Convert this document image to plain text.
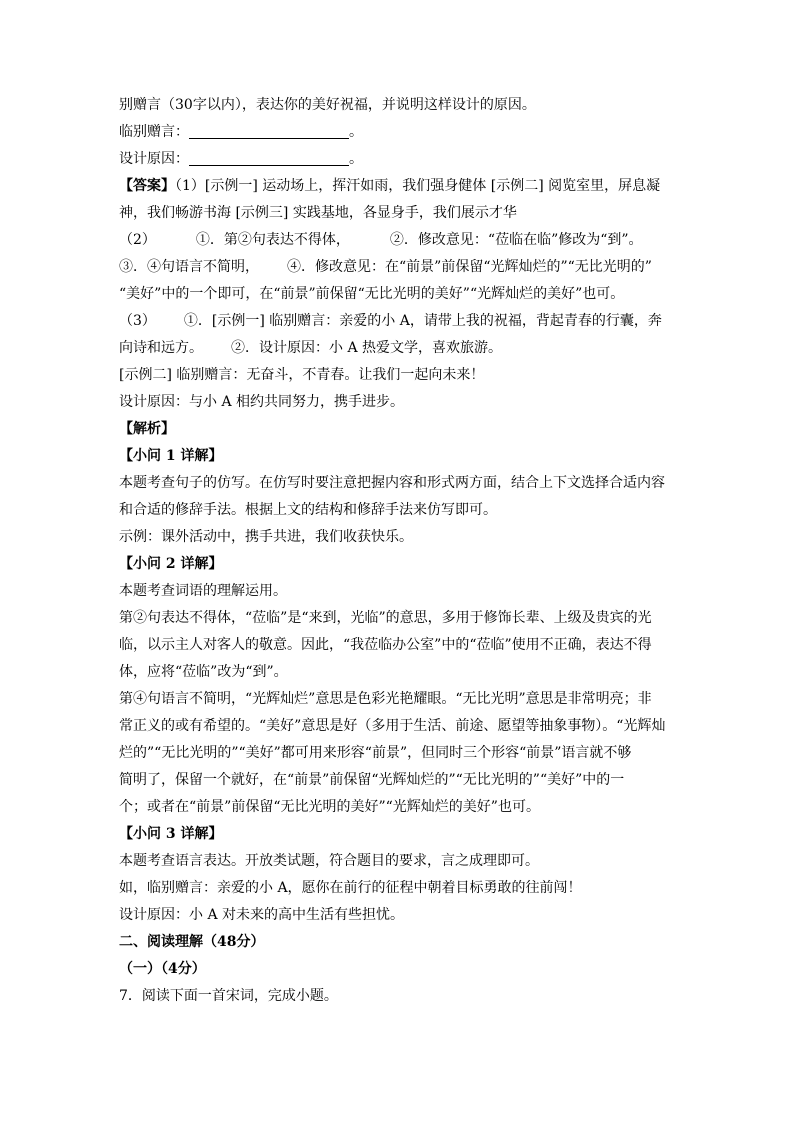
别赠言（30字以内），表达你的美好祝福，并说明这样设计的原因。
临别赠言：	。
设计原因：	。
【答案】（1）[示例一] 运动场上，挥汗如雨，我们强身健体 [示例二] 阅览室里，屏息凝
神，我们畅游书海 [示例三] 实践基地，各显身手，我们展示才华
（2）	①．第②句表达不得体，	②．修改意见：“莅临在临”修改为“到”。
③．④句语言不简明， ④．修改意见：在“前景”前保留“光辉灿烂的”“无比光明的”
“美好”中的一个即可，在“前景”前保留“无比光明的美好”“光辉灿烂的美好”也可。
（3） ①．[示例一] 临别赠言：亲爱的小 A，请带上我的祝福，背起青春的行囊，奔
向诗和远方。 ②．设计原因：小 A 热爱文学，喜欢旅游。
[示例二] 临别赠言：无奋斗，不青春。让我们一起向未来！
设计原因：与小 A 相约共同努力，携手进步。
【解析】
【小问 1 详解】
本题考查句子的仿写。在仿写时要注意把握内容和形式两方面，结合上下文选择合适内容
和合适的修辞手法。根据上文的结构和修辞手法来仿写即可。
示例：课外活动中，携手共进，我们收获快乐。
【小问 2 详解】
本题考查词语的理解运用。
第②句表达不得体，“莅临”是“来到，光临”的意思，多用于修饰长辈、上级及贵宾的光
临，以示主人对客人的敬意。因此，“我莅临办公室”中的“莅临”使用不正确，表达不得
体，应将“莅临”改为“到”。
第④句语言不简明，“光辉灿烂”意思是色彩光艳耀眼。“无比光明”意思是非常明亮；非
常正义的或有希望的。“美好”意思是好（多用于生活、前途、愿望等抽象事物）。“光辉灿
烂的”“无比光明的”“美好”都可用来形容“前景”，但同时三个形容“前景”语言就不够
简明了，保留一个就好，在“前景”前保留“光辉灿烂的”“无比光明的”“美好”中的一
个；或者在“前景”前保留“无比光明的美好”“光辉灿烂的美好”也可。
【小问 3 详解】
本题考查语言表达。开放类试题，符合题目的要求，言之成理即可。
如，临别赠言：亲爱的小 A，愿你在前行的征程中朝着目标勇敢的往前闯！
设计原因：小 A 对未来的高中生活有些担忧。
二、阅读理解（48分）
（一）（4分）
7．阅读下面一首宋词，完成小题。
